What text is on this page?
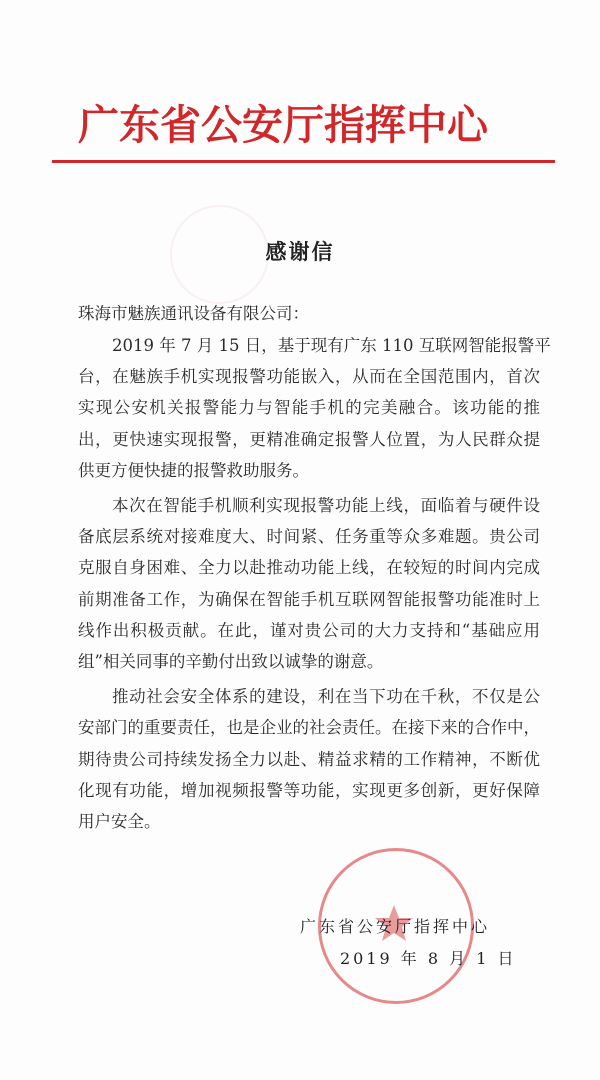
广东省公安厅指挥中心
感谢信
珠海市魅族通讯设备有限公司：
2019 年 7 月 15 日，基于现有广东 110 互联网智能报警平
台，在魅族手机实现报警功能嵌入，从而在全国范围内，首次
实现公安机关报警能力与智能手机的完美融合。该功能的推
出，更快速实现报警，更精准确定报警人位置，为人民群众提
供更方便快捷的报警救助服务。
本次在智能手机顺利实现报警功能上线，面临着与硬件设
备底层系统对接难度大、时间紧、任务重等众多难题。贵公司
克服自身困难、全力以赴推动功能上线，在较短的时间内完成
前期准备工作，为确保在智能手机互联网智能报警功能准时上
线作出积极贡献。在此，谨对贵公司的大力支持和“基础应用
组”相关同事的辛勤付出致以诚挚的谢意。
推动社会安全体系的建设，利在当下功在千秋，不仅是公
安部门的重要责任，也是企业的社会责任。在接下来的合作中，
期待贵公司持续发扬全力以赴、精益求精的工作精神，不断优
化现有功能，增加视频报警等功能，实现更多创新，更好保障
用户安全。
广东省公安厅指挥中心
2019 年 8 月 1 日
